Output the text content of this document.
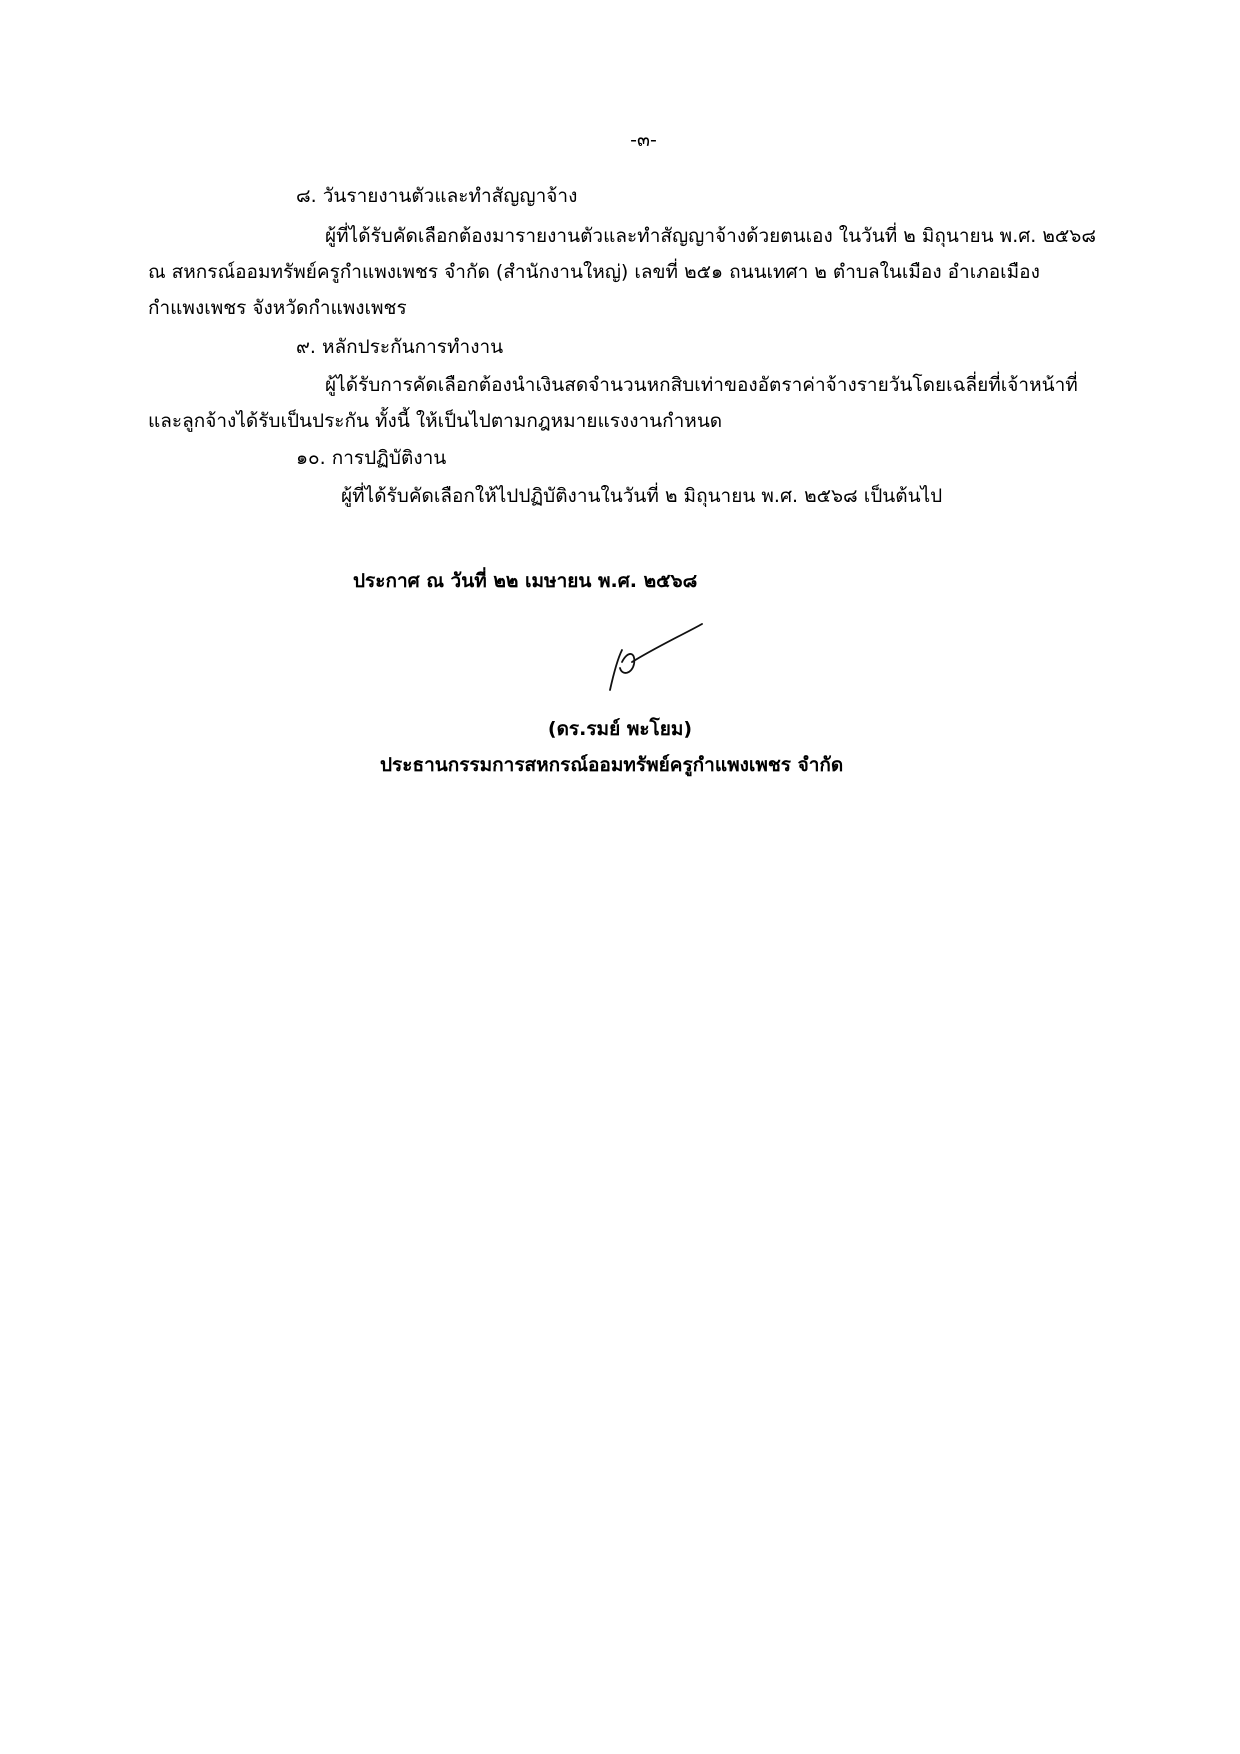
-๓-
๘. วันรายงานตัวและทำสัญญาจ้าง
ผู้ที่ได้รับคัดเลือกต้องมารายงานตัวและทำสัญญาจ้างด้วยตนเอง ในวันที่ ๒ มิถุนายน พ.ศ. ๒๕๖๘
ณ สหกรณ์ออมทรัพย์ครูกำแพงเพชร จำกัด (สำนักงานใหญ่) เลขที่ ๒๕๑ ถนนเทศา ๒ ตำบลในเมือง อำเภอเมือง
กำแพงเพชร จังหวัดกำแพงเพชร
๙. หลักประกันการทำงาน
ผู้ได้รับการคัดเลือกต้องนำเงินสดจำนวนหกสิบเท่าของอัตราค่าจ้างรายวันโดยเฉลี่ยที่เจ้าหน้าที่
และลูกจ้างได้รับเป็นประกัน ทั้งนี้ ให้เป็นไปตามกฎหมายแรงงานกำหนด
๑๐. การปฏิบัติงาน
ผู้ที่ได้รับคัดเลือกให้ไปปฏิบัติงานในวันที่ ๒ มิถุนายน พ.ศ. ๒๕๖๘ เป็นต้นไป
ประกาศ ณ วันที่ ๒๒ เมษายน พ.ศ. ๒๕๖๘
(ดร.รมย์ พะโยม)
ประธานกรรมการสหกรณ์ออมทรัพย์ครูกำแพงเพชร จำกัด
